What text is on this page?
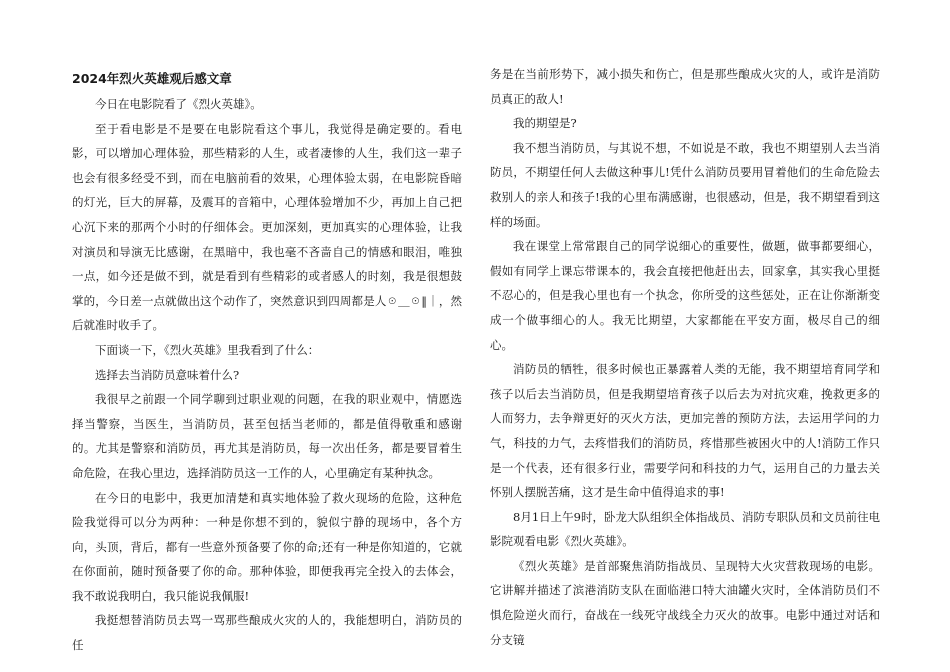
2024年烈火英雄观后感文章

今日在电影院看了《烈火英雄》。

至于看电影是不是要在电影院看这个事儿，我觉得是确定要的。看电影，可以增加心理体验，那些精彩的人生，或者凄惨的人生，我们这一辈子也会有很多经受不到，而在电脑前看的效果，心理体验太弱，在电影院昏暗的灯光，巨大的屏幕，及震耳的音箱中，心理体验增加不少，再加上自己把心沉下来的那两个小时的仔细体会。更加深刻，更加真实的心理体验，让我对演员和导演无比感谢，在黑暗中，我也毫不吝啬自己的情感和眼泪，唯独一点，如今还是做不到，就是看到有些精彩的或者感人的时刻，我是很想鼓掌的，今日差一点就做出这个动作了，突然意识到四周都是人☉＿☉‖｜，然后就准时收手了。

下面谈一下，《烈火英雄》里我看到了什么：

选择去当消防员意味着什么?

我很早之前跟一个同学聊到过职业观的问题，在我的职业观中，情愿选择当警察，当医生，当消防员，甚至包括当老师的，都是值得敬重和感谢的。尤其是警察和消防员，再尤其是消防员，每一次出任务，都是要冒着生命危险，在我心里边，选择消防员这一工作的人，心里确定有某种执念。

在今日的电影中，我更加清楚和真实地体验了救火现场的危险，这种危险我觉得可以分为两种：一种是你想不到的，貌似宁静的现场中，各个方向，头顶，背后，都有一些意外预备要了你的命;还有一种是你知道的，它就在你面前，随时预备要了你的命。那种体验，即便我再完全投入的去体会，我不敢说我明白，我只能说我佩服!

我挺想替消防员去骂一骂那些酿成火灾的人的，我能想明白，消防员的任

务是在当前形势下，减小损失和伤亡，但是那些酿成火灾的人，或许是消防员真正的敌人!

我的期望是?

我不想当消防员，与其说不想，不如说是不敢，我也不期望别人去当消防员，不期望任何人去做这种事儿!凭什么消防员要用冒着他们的生命危险去救别人的亲人和孩子!我的心里布满感谢，也很感动，但是，我不期望看到这样的场面。

我在课堂上常常跟自己的同学说细心的重要性，做题，做事都要细心，假如有同学上课忘带课本的，我会直接把他赶出去，回家拿，其实我心里挺不忍心的，但是我心里也有一个执念，你所受的这些惩处，正在让你渐渐变成一个做事细心的人。我无比期望，大家都能在平安方面，极尽自己的细心。

消防员的牺牲，很多时候也正暴露着人类的无能，我不期望培育同学和孩子以后去当消防员，但是我期望培育孩子以后去为对抗灾难，挽救更多的人而努力，去争辩更好的灭火方法，更加完善的预防方法，去运用学问的力气，科技的力气，去疼惜我们的消防员，疼惜那些被困火中的人!消防工作只是一个代表，还有很多行业，需要学问和科技的力气，运用自己的力量去关怀别人摆脱苦痛，这才是生命中值得追求的事!

8月1日上午9时，卧龙大队组织全体指战员、消防专职队员和文员前往电影院观看电影《烈火英雄》。

《烈火英雄》是首部聚焦消防指战员、呈现特大火灾营救现场的电影。它讲解并描述了滨港消防支队在面临港口特大油罐火灾时，全体消防员们不惧危险逆火而行，奋战在一线死守战线全力灭火的故事。电影中通过对话和分支镜
